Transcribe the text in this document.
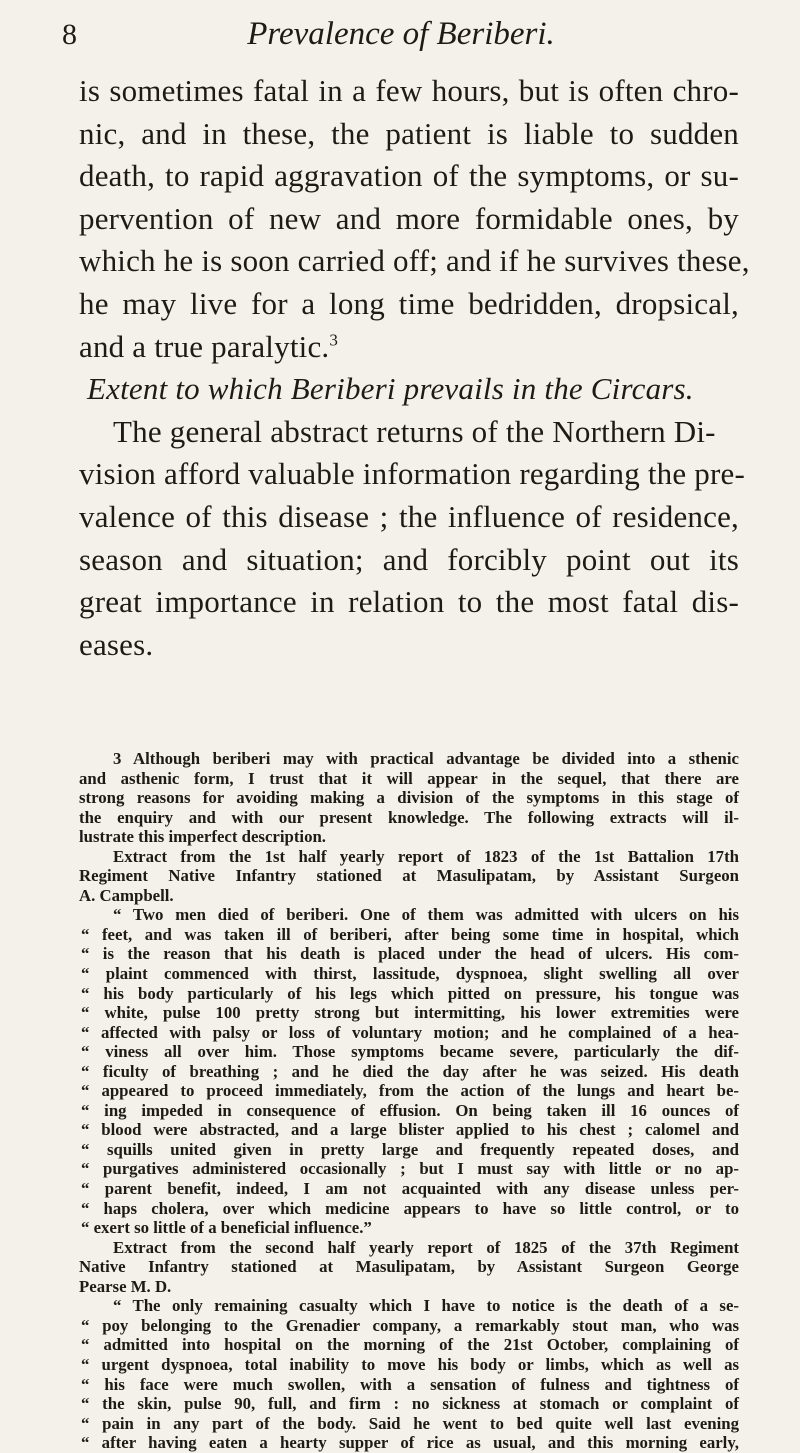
8	Prevalence of Beriberi.
is sometimes fatal in a few hours, but is often chro-
nic, and in these, the patient is liable to sudden
death, to rapid aggravation of the symptoms, or su-
pervention of new and more formidable ones, by
which he is soon carried off; and if he survives these,
he may live for a long time bedridden, dropsical,
and a true paralytic.$^3$
Extent to which Beriberi prevails in the Circars.
The general abstract returns of the Northern Di-
vision afford valuable information regarding the pre-
valence of this disease ; the influence of residence,
season and situation; and forcibly point out its
great importance in relation to the most fatal dis-
eases.
3 Although beriberi may with practical advantage be divided into a sthenic
and asthenic form, I trust that it will appear in the sequel, that there are
strong reasons for avoiding making a division of the symptoms in this stage of
the enquiry and with our present knowledge. The following extracts will il-
lustrate this imperfect description.
Extract from the 1st half yearly report of 1823 of the 1st Battalion 17th
Regiment Native Infantry stationed at Masulipatam, by Assistant Surgeon
A. Campbell.
“ Two men died of beriberi. One of them was admitted with ulcers on his
“ feet, and was taken ill of beriberi, after being some time in hospital, which
“ is the reason that his death is placed under the head of ulcers. His com-
“ plaint commenced with thirst, lassitude, dyspnoea, slight swelling all over
“ his body particularly of his legs which pitted on pressure, his tongue was
“ white, pulse 100 pretty strong but intermitting, his lower extremities were
“ affected with palsy or loss of voluntary motion; and he complained of a hea-
“ viness all over him. Those symptoms became severe, particularly the dif-
“ ficulty of breathing ; and he died the day after he was seized. His death
“ appeared to proceed immediately, from the action of the lungs and heart be-
“ ing impeded in consequence of effusion. On being taken ill 16 ounces of
“ blood were abstracted, and a large blister applied to his chest ; calomel and
“ squills united given in pretty large and frequently repeated doses, and
“ purgatives administered occasionally ; but I must say with little or no ap-
“ parent benefit, indeed, I am not acquainted with any disease unless per-
“ haps cholera, over which medicine appears to have so little control, or to
“ exert so little of a beneficial influence.”
Extract from the second half yearly report of 1825 of the 37th Regiment
Native Infantry stationed at Masulipatam, by Assistant Surgeon George
Pearse M. D.
“ The only remaining casualty which I have to notice is the death of a se-
“ poy belonging to the Grenadier company, a remarkably stout man, who was
“ admitted into hospital on the morning of the 21st October, complaining of
“ urgent dyspnoea, total inability to move his body or limbs, which as well as
“ his face were much swollen, with a sensation of fulness and tightness of
“ the skin, pulse 90, full, and firm : no sickness at stomach or complaint of
“ pain in any part of the body. Said he went to bed quite well last evening
“ after having eaten a hearty supper of rice as usual, and this morning early,
